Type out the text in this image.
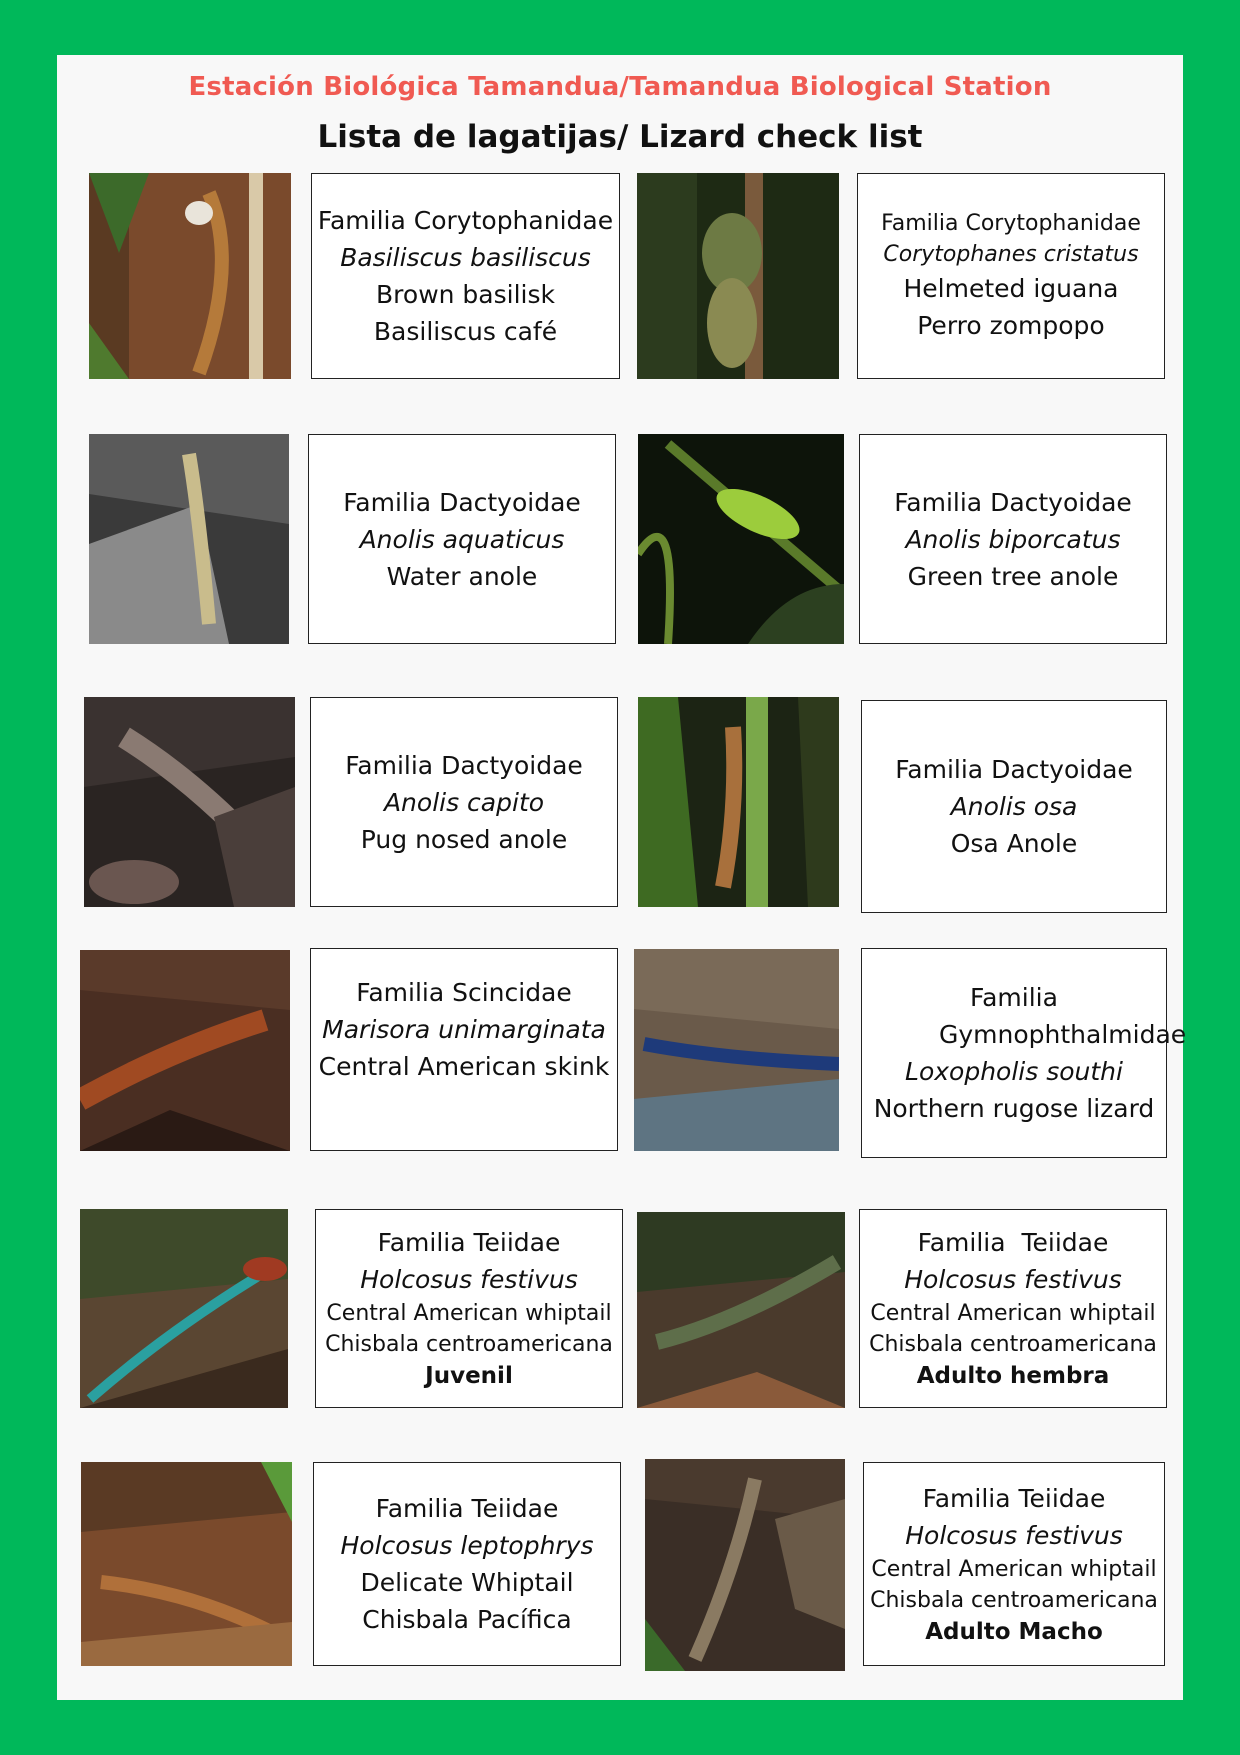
Estación Biológica Tamandua/Tamandua Biological Station
Lista de lagatijas/ Lizard check list
Familia Corytophanidae
Basiliscus basiliscus
Brown basilisk
Basiliscus café
Familia Corytophanidae
Corytophanes cristatus
Helmeted iguana
Perro zompopo
Familia Dactyoidae
Anolis aquaticus
Water anole
Familia Dactyoidae
Anolis biporcatus
Green tree anole
Familia Dactyoidae
Anolis capito
Pug nosed anole
Familia Dactyoidae
Anolis osa
Osa Anole
Familia Scincidae
Marisora unimarginata
Central American skink
Familia Gymnophthalmidae
Loxopholis southi
Northern rugose lizard
Familia Teiidae
Holcosus festivus
Central American whiptail
Chisbala centroamericana
Juvenil
Familia  Teiidae
Holcosus festivus
Central American whiptail
Chisbala centroamericana
Adulto hembra
Familia Teiidae
Holcosus leptophrys
Delicate Whiptail
Chisbala Pacífica
Familia Teiidae
Holcosus festivus
Central American whiptail
Chisbala centroamericana
Adulto Macho
